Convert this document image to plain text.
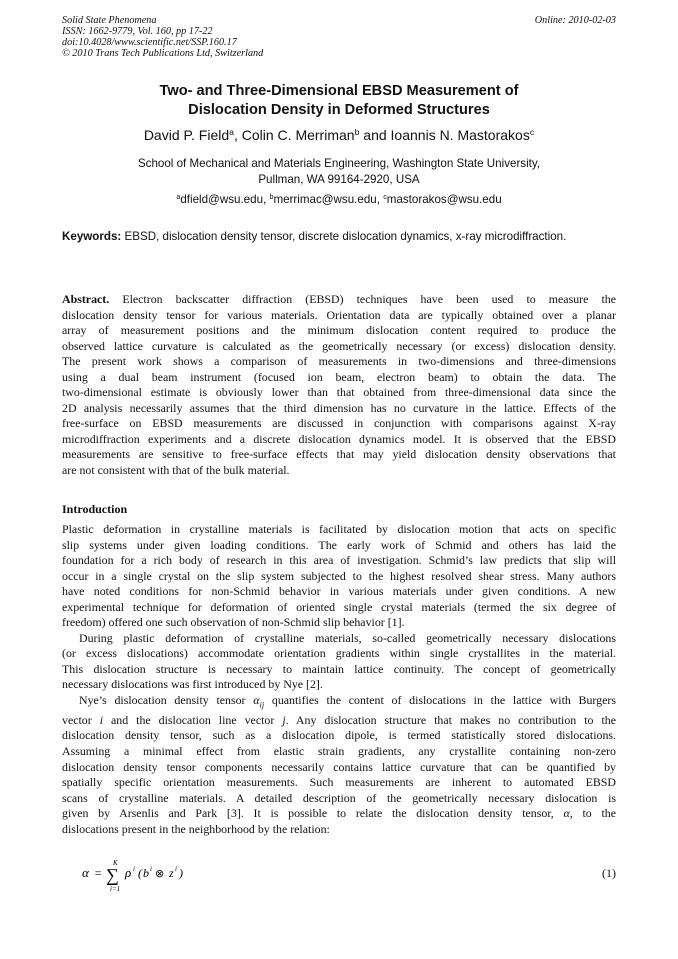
Solid State Phenomena
ISSN: 1662-9779, Vol. 160, pp 17-22
doi:10.4028/www.scientific.net/SSP.160.17
© 2010 Trans Tech Publications Ltd, Switzerland
Online: 2010-02-03
Two- and Three-Dimensional EBSD Measurement of
Dislocation Density in Deformed Structures
David P. Field$^a$, Colin C. Merriman$^b$ and Ioannis N. Mastorakos$^c$
School of Mechanical and Materials Engineering, Washington State University,
Pullman, WA 99164-2920, USA
$^a$dfield@wsu.edu, $^b$merrimac@wsu.edu, $^c$mastorakos@wsu.edu
Keywords: EBSD, dislocation density tensor, discrete dislocation dynamics, x-ray microdiffraction.
Abstract. Electron backscatter diffraction (EBSD) techniques have been used to measure the
dislocation density tensor for various materials. Orientation data are typically obtained over a planar
array of measurement positions and the minimum dislocation content required to produce the
observed lattice curvature is calculated as the geometrically necessary (or excess) dislocation density.
The present work shows a comparison of measurements in two-dimensions and three-dimensions
using a dual beam instrument (focused ion beam, electron beam) to obtain the data. The
two-dimensional estimate is obviously lower than that obtained from three-dimensional data since the
2D analysis necessarily assumes that the third dimension has no curvature in the lattice. Effects of the
free-surface on EBSD measurements are discussed in conjunction with comparisons against X-ray
microdiffraction experiments and a discrete dislocation dynamics model. It is observed that the EBSD
measurements are sensitive to free-surface effects that may yield dislocation density observations that
are not consistent with that of the bulk material.
Introduction
Plastic deformation in crystalline materials is facilitated by dislocation motion that acts on specific
slip systems under given loading conditions. The early work of Schmid and others has laid the
foundation for a rich body of research in this area of investigation. Schmid’s law predicts that slip will
occur in a single crystal on the slip system subjected to the highest resolved shear stress. Many authors
have noted conditions for non-Schmid behavior in various materials under given conditions. A new
experimental technique for deformation of oriented single crystal materials (termed the six degree of
freedom) offered one such observation of non-Schmid slip behavior [1].
During plastic deformation of crystalline materials, so-called geometrically necessary dislocations
(or excess dislocations) accommodate orientation gradients within single crystallites in the material.
This dislocation structure is necessary to maintain lattice continuity. The concept of geometrically
necessary dislocations was first introduced by Nye [2].
Nye’s dislocation density tensor $\alpha_{ij}$ quantifies the content of dislocations in the lattice with Burgers
vector i and the dislocation line vector j. Any dislocation structure that makes no contribution to the
dislocation density tensor, such as a dislocation dipole, is termed statistically stored dislocations.
Assuming a minimal effect from elastic strain gradients, any crystallite containing non-zero
dislocation density tensor components necessarily contains lattice curvature that can be quantified by
spatially specific orientation measurements. Such measurements are inherent to automated EBSD
scans of crystalline materials. A detailed description of the geometrically necessary dislocation is
given by Arsenlis and Park [3]. It is possible to relate the dislocation density tensor, α, to the
dislocations present in the neighborhood by the relation:
α =
K
∑
i=1
ρ i ( b i ⊗ z i )	(1)
